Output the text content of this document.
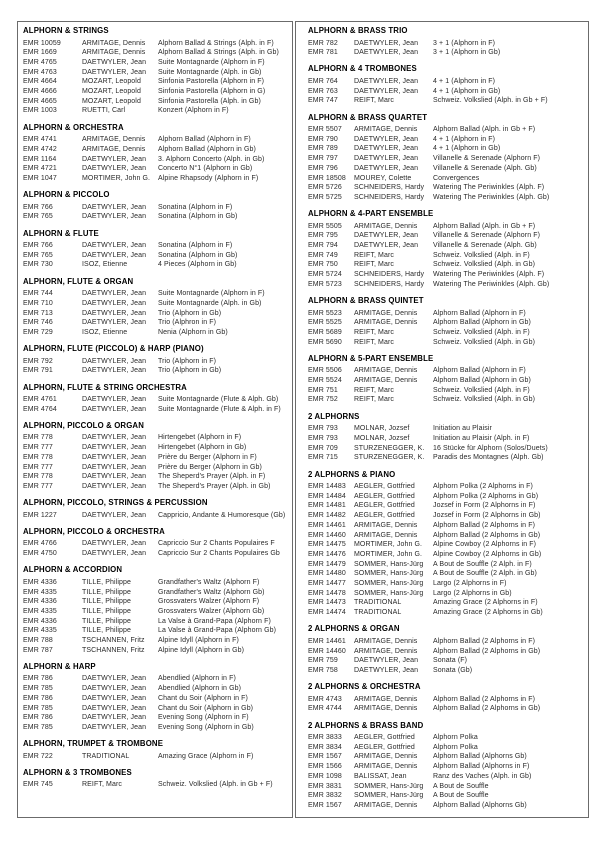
ALPHORN & STRINGS
EMR 10059	ARMITAGE, Dennis	Alphorn Ballad & Strings (Alph. in F)
EMR 1669	ARMITAGE, Dennis	Alphorn Ballad & Strings (Alph. in Gb)
EMR 4765	DAETWYLER, Jean	Suite Montagnarde (Alphorn in F)
EMR 4763	DAETWYLER, Jean	Suite Montagnarde (Alph. in Gb)
EMR 4664	MOZART, Leopold	Sinfonia Pastorella (Alphorn in F)
EMR 4666	MOZART, Leopold	Sinfonia Pastorella (Alphorn in G)
EMR 4665	MOZART, Leopold	Sinfonia Pastorella (Alph. in Gb)
EMR 1003	RUETTI, Carl	Konzert (Alphorn in F)
ALPHORN & ORCHESTRA
EMR 4741	ARMITAGE, Dennis	Alphorn Ballad (Alphorn in F)
EMR 4742	ARMITAGE, Dennis	Alphorn Ballad (Alphorn in Gb)
EMR 1164	DAETWYLER, Jean	3. Alphorn Concerto (Alph. in Gb)
EMR 4721	DAETWYLER, Jean	Concerto N°1 (Alphorn in Gb)
EMR 1047	MORTIMER, John G.	Alpine Rhapsody (Alphorn in F)
ALPHORN & PICCOLO
EMR 766	DAETWYLER, Jean	Sonatina (Alphorn in F)
EMR 765	DAETWYLER, Jean	Sonatina (Alphorn in Gb)
ALPHORN & FLUTE
EMR 766	DAETWYLER, Jean	Sonatina (Alphorn in F)
EMR 765	DAETWYLER, Jean	Sonatina (Alphorn in Gb)
EMR 730	ISOZ, Etienne	4 Pieces (Alphorn in Gb)
ALPHORN, FLUTE & ORGAN
EMR 744	DAETWYLER, Jean	Suite Montagnarde (Alphorn in F)
EMR 710	DAETWYLER, Jean	Suite Montagnarde (Alph. in Gb)
EMR 713	DAETWYLER, Jean	Trio (Alphorn in Gb)
EMR 746	DAETWYLER, Jean	Trio (Alphron in F)
EMR 729	ISOZ, Etienne	Nenia (Alphorn in Gb)
ALPHORN, FLUTE (PICCOLO) & HARP (PIANO)
EMR 792	DAETWYLER, Jean	Trio (Alphorn in F)
EMR 791	DAETWYLER, Jean	Trio (Alphorn in Gb)
ALPHORN, FLUTE & STRING ORCHESTRA
EMR 4761	DAETWYLER, Jean	Suite Montagnarde (Flute & Alph. Gb)
EMR 4764	DAETWYLER, Jean	Suite Montagnarde (Flute & Alph. in F)
ALPHORN, PICCOLO & ORGAN
EMR 778	DAETWYLER, Jean	Hirtengebet (Alphorn in F)
EMR 777	DAETWYLER, Jean	Hirtengebet (Alphorn in Gb)
EMR 778	DAETWYLER, Jean	Prière du Berger (Alphorn in F)
EMR 777	DAETWYLER, Jean	Prière du Berger (Alphorn in Gb)
EMR 778	DAETWYLER, Jean	The Sheperd's Prayer (Alph. in F)
EMR 777	DAETWYLER, Jean	The Sheperd's Prayer (Alph. in Gb)
ALPHORN, PICCOLO, STRINGS & PERCUSSION
EMR 1227	DAETWYLER, Jean	Cappricio, Andante & Humoresque (Gb)
ALPHORN, PICCOLO & ORCHESTRA
EMR 4766	DAETWYLER, Jean	Capriccio Sur 2 Chants Populaires F
EMR 4750	DAETWYLER, Jean	Capriccio Sur 2 Chants Populaires Gb
ALPHORN & ACCORDION
EMR 4336	TILLE, Philippe	Grandfather's Waltz (Alphorn F)
EMR 4335	TILLE, Philippe	Grandfather's Waltz (Alphorn Gb)
EMR 4336	TILLE, Philippe	Grossvaters Walzer (Alphorn F)
EMR 4335	TILLE, Philippe	Grossvaters Walzer (Alphorn Gb)
EMR 4336	TILLE, Philippe	La Valse à Grand-Papa (Alphorn F)
EMR 4335	TILLE, Philippe	La Valse à Grand-Papa (Alphorn Gb)
EMR 788	TSCHANNEN, Fritz	Alpine Idyll (Alphorn in F)
EMR 787	TSCHANNEN, Fritz	Alpine Idyll (Alphorn in Gb)
ALPHORN & HARP
EMR 786	DAETWYLER, Jean	Abendlied (Alphorn in F)
EMR 785	DAETWYLER, Jean	Abendlied (Alphorn in Gb)
EMR 786	DAETWYLER, Jean	Chant du Soir (Alphorn in F)
EMR 785	DAETWYLER, Jean	Chant du Soir (Alphorn in Gb)
EMR 786	DAETWYLER, Jean	Evening Song (Alphorn in F)
EMR 785	DAETWYLER, Jean	Evening Song (Alphorn in Gb)
ALPHORN, TRUMPET & TROMBONE
EMR 722	TRADITIONAL	Amazing Grace (Alphorn in F)
ALPHORN & 3 TROMBONES
EMR 745	REIFT, Marc	Schweiz. Volkslied (Alph. in Gb + F)
ALPHORN & BRASS TRIO
EMR 782	DAETWYLER, Jean	3 + 1 (Alphorn in F)
EMR 781	DAETWYLER, Jean	3 + 1 (Alphorn in Gb)
ALPHORN & 4 TROMBONES
EMR 764	DAETWYLER, Jean	4 + 1 (Alphorn in F)
EMR 763	DAETWYLER, Jean	4 + 1 (Alphorn in Gb)
EMR 747	REIFT, Marc	Schweiz. Volkslied (Alph. in Gb + F)
ALPHORN & BRASS QUARTET
EMR 5507	ARMITAGE, Dennis	Alphorn Ballad (Alph. in Gb + F)
EMR 790	DAETWYLER, Jean	4 + 1 (Alphorn in F)
EMR 789	DAETWYLER, Jean	4 + 1 (Alphorn in Gb)
EMR 797	DAETWYLER, Jean	Villanelle & Serenade (Alphorn F)
EMR 796	DAETWYLER, Jean	Villanelle & Serenade (Alph. Gb)
EMR 18508	MOUREY, Colette	Convergences
EMR 5726	SCHNEIDERS, Hardy	Watering The Periwinkles (Alph. F)
EMR 5725	SCHNEIDERS, Hardy	Watering The Periwinkles (Alph. Gb)
ALPHORN & 4-PART ENSEMBLE
EMR 5505	ARMITAGE, Dennis	Alphorn Ballad (Alph. in Gb + F)
EMR 795	DAETWYLER, Jean	Villanelle & Serenade (Alphorn F)
EMR 794	DAETWYLER, Jean	Villanelle & Serenade (Alph. Gb)
EMR 749	REIFT, Marc	Schweiz. Volkslied (Alph. in F)
EMR 750	REIFT, Marc	Schweiz. Volkslied (Alph. in Gb)
EMR 5724	SCHNEIDERS, Hardy	Watering The Periwinkles (Alph. F)
EMR 5723	SCHNEIDERS, Hardy	Watering The Periwinkles (Alph. Gb)
ALPHORN & BRASS QUINTET
EMR 5523	ARMITAGE, Dennis	Alphorn Ballad (Alphorn in F)
EMR 5525	ARMITAGE, Dennis	Alphorn Ballad (Alphorn in Gb)
EMR 5689	REIFT, Marc	Schweiz. Volkslied (Alph. in F)
EMR 5690	REIFT, Marc	Schweiz. Volkslied (Alph. in Gb)
ALPHORN & 5-PART ENSEMBLE
EMR 5506	ARMITAGE, Dennis	Alphorn Ballad (Alphorn in F)
EMR 5524	ARMITAGE, Dennis	Alphorn Ballad (Alphorn in Gb)
EMR 751	REIFT, Marc	Schweiz. Volkslied (Alph. in F)
EMR 752	REIFT, Marc	Schweiz. Volkslied (Alph. in Gb)
2 ALPHORNS
EMR 793	MOLNAR, Jozsef	Initiation au Plaisir
EMR 793	MOLNAR, Jozsef	Initiation au Plaisir (Alph. in F)
EMR 709	STURZENEGGER, K.	16 Stücke für Alphorn (Solos/Duets)
EMR 715	STURZENEGGER, K.	Paradis des Montagnes (Alph. Gb)
2 ALPHORNS & PIANO
EMR 14483	AEGLER, Gottfried	Alphorn Polka (2 Alphorns in F)
EMR 14484	AEGLER, Gottfried	Alphorn Polka (2 Alphorns in Gb)
EMR 14481	AEGLER, Gottfried	Jozsef in Form (2 Alphorns in F)
EMR 14482	AEGLER, Gottfried	Jozsef in Form (2 Alphorns in Gb)
EMR 14461	ARMITAGE, Dennis	Alphorn Ballad (2 Alphorns in F)
EMR 14460	ARMITAGE, Dennis	Alphorn Ballad (2 Alphorns in Gb)
EMR 14475	MORTIMER, John G.	Alpine Cowboy (2 Alphorns in F)
EMR 14476	MORTIMER, John G.	Alpine Cowboy (2 Alphorns in Gb)
EMR 14479	SOMMER, Hans-Jürg	A Bout de Souffle (2 Alph. in F)
EMR 14480	SOMMER, Hans-Jürg	A Bout de Souffle (2 Alph. in Gb)
EMR 14477	SOMMER, Hans-Jürg	Largo (2 Alphorns in F)
EMR 14478	SOMMER, Hans-Jürg	Largo (2 Alphorns in Gb)
EMR 14473	TRADITIONAL	Amazing Grace (2 Alphorns in F)
EMR 14474	TRADITIONAL	Amazing Grace (2 Alphorns in Gb)
2 ALPHORNS & ORGAN
EMR 14461	ARMITAGE, Dennis	Alphorn Ballad (2 Alphorns in F)
EMR 14460	ARMITAGE, Dennis	Alphorn Ballad (2 Alphorns in Gb)
EMR 759	DAETWYLER, Jean	Sonata (F)
EMR 758	DAETWYLER, Jean	Sonata (Gb)
2 ALPHORNS & ORCHESTRA
EMR 4743	ARMITAGE, Dennis	Alphorn Ballad (2 Alphorns in F)
EMR 4744	ARMITAGE, Dennis	Alphorn Ballad (2 Alphorns in Gb)
2 ALPHORNS & BRASS BAND
EMR 3833	AEGLER, Gottfried	Alphorn Polka
EMR 3834	AEGLER, Gottfried	Alphorn Polka
EMR 1567	ARMITAGE, Dennis	Alphorn Ballad (Alphorns Gb)
EMR 1566	ARMITAGE, Dennis	Alphorn Ballad (Alphorns in F)
EMR 1098	BALISSAT, Jean	Ranz des Vaches (Alph. in Gb)
EMR 3831	SOMMER, Hans-Jürg	A Bout de Souffle
EMR 3832	SOMMER, Hans-Jürg	A Bout de Souffle
EMR 1567	ARMITAGE, Dennis	Alphorn Ballad (Alphorns Gb)
